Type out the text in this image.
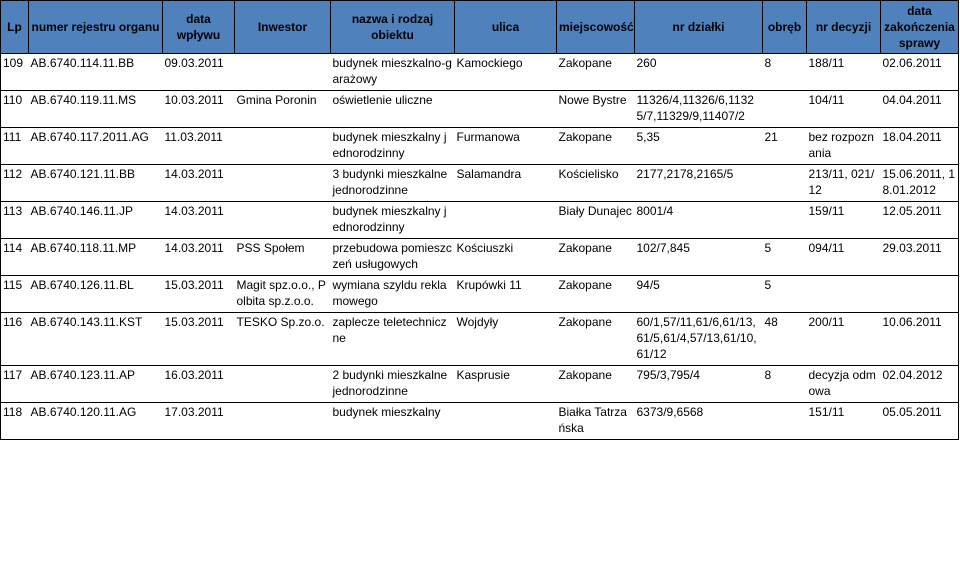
Lp	numer rejestru organu	data wpływu	Inwestor	nazwa i rodzaj obiektu	ulica	miejscowość	nr działki	obręb	nr decyzji	data zakończenia sprawy
109	AB.6740.114.11.BB	09.03.2011		budynek mieszkalno-garażowy	Kamockiego	Zakopane	260	8	188/11	02.06.2011
110	AB.6740.119.11.MS	10.03.2011	Gmina Poronin	oświetlenie uliczne		Nowe Bystre	11326/4,11326/6,11325/7,11329/9,11407/2		104/11	04.04.2011
111	AB.6740.117.2011.AG	11.03.2011		budynek mieszkalny jednorodzinny	Furmanowa	Zakopane	5,35	21	bez rozpoznania	18.04.2011
112	AB.6740.121.11.BB	14.03.2011		3 budynki mieszkalne jednorodzinne	Salamandra	Kościelisko	2177,2178,2165/5		213/11, 021/12	15.06.2011, 18.01.2012
113	AB.6740.146.11.JP	14.03.2011		budynek mieszkalny jednorodzinny		Biały Dunajec	8001/4		159/11	12.05.2011
114	AB.6740.118.11.MP	14.03.2011	PSS Społem	przebudowa pomieszczeń usługowych	Kościuszki	Zakopane	102/7,845	5	094/11	29.03.2011
115	AB.6740.126.11.BL	15.03.2011	Magit spz.o.o., Polbita sp.z.o.o.	wymiana szyldu reklamowego	Krupówki 11	Zakopane	94/5	5		
116	AB.6740.143.11.KST	15.03.2011	TESKO Sp.zo.o.	zaplecze teletechniczne	Wojdyły	Zakopane	60/1,57/11,61/6,61/13,61/5,61/4,57/13,61/10,61/12	48	200/11	10.06.2011
117	AB.6740.123.11.AP	16.03.2011		2 budynki mieszkalne jednorodzinne	Kasprusie	Zakopane	795/3,795/4	8	decyzja odmowa	02.04.2012
118	AB.6740.120.11.AG	17.03.2011		budynek mieszkalny		Białka Tatrzańska	6373/9,6568		151/11	05.05.2011
